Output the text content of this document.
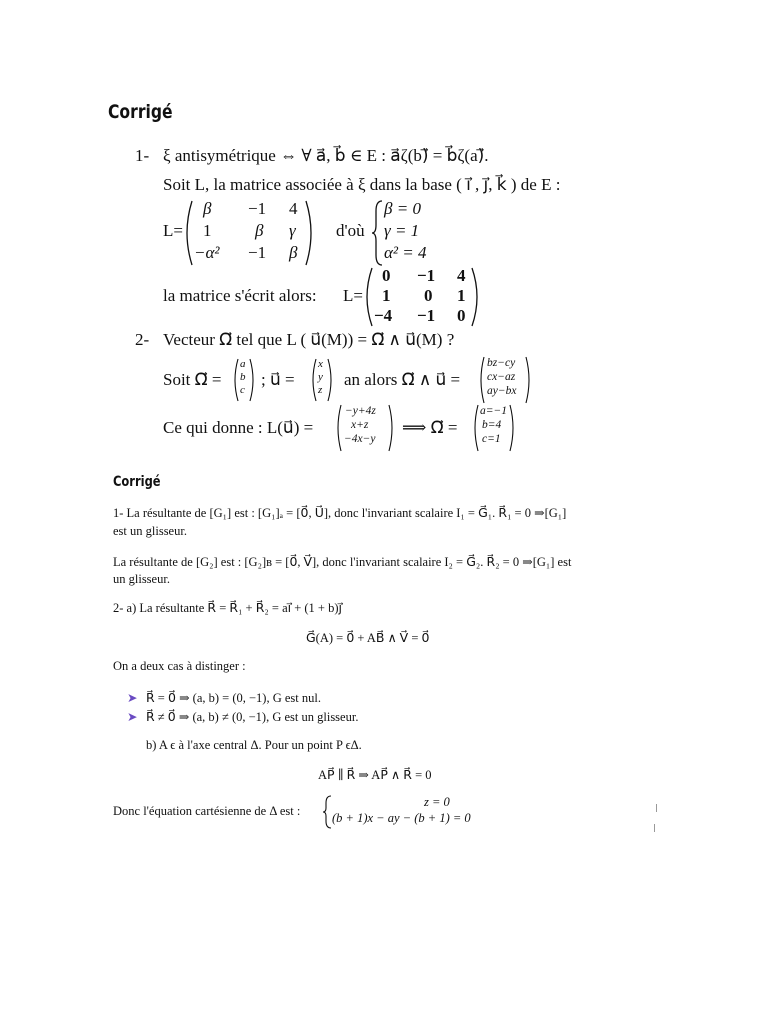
Corrigé
1- ξ antisymétrique ⇔ ∀ a⃗, b⃗ ∈ E : a⃗ζ(b)⃗ = b⃗ζ(a)⃗.
Soit L, la matrice associée à ξ dans la base ( i⃗ , j⃗, k⃗ ) de E :
L=
β −1 4
1	β γ
−α² −1 β
d'où
β = 0
γ = 1
α² = 4
la matrice s'écrit alors: L=
0 −1 4
1 0 1
−4 −1 0
2- Vecteur Ω⃗ tel que L ( u⃗(M)) = Ω⃗ ∧ u⃗(M) ?
Soit Ω⃗ =
a
b
c
; u⃗ =
x
y
z
an alors Ω⃗ ∧ u⃗ =
bz−cy
cx−az
ay−bx
Ce qui donne : L(u⃗) =
−y+4z
x+z
−4x−y
⟹ Ω⃗ =
a=−1
b=4
c=1
Corrigé
1- La résultante de [G₁] est : [G₁]ₐ = [0⃗, U⃗], donc l'invariant scalaire I₁ = G⃗₁. R⃗₁ = 0 ⇒[G₁]
est un glisseur.
La résultante de [G₂] est : [G₂]ʙ = [0⃗, V⃗], donc l'invariant scalaire I₂ = G⃗₂. R⃗₂ = 0 ⇒[G₁] est
un glisseur.
2- a) La résultante R⃗ = R⃗₁ + R⃗₂ = aı⃗ + (1 + b)ȷ⃗
G⃗(A) = 0⃗ + AB⃗ ∧ V⃗ = 0⃗
On a deux cas à distinger :
➤ R⃗ = 0⃗ ⇒ (a, b) = (0, −1), G est nul.
➤ R⃗ ≠ 0⃗ ⇒ (a, b) ≠ (0, −1), G est un glisseur.
b) A ϵ à l'axe central Δ. Pour un point P ϵΔ.
AP⃗ ∥ R⃗ ⇒ AP⃗ ∧ R⃗ = 0
Donc l'équation cartésienne de Δ est :
z = 0
(b + 1)x − ay − (b + 1) = 0
